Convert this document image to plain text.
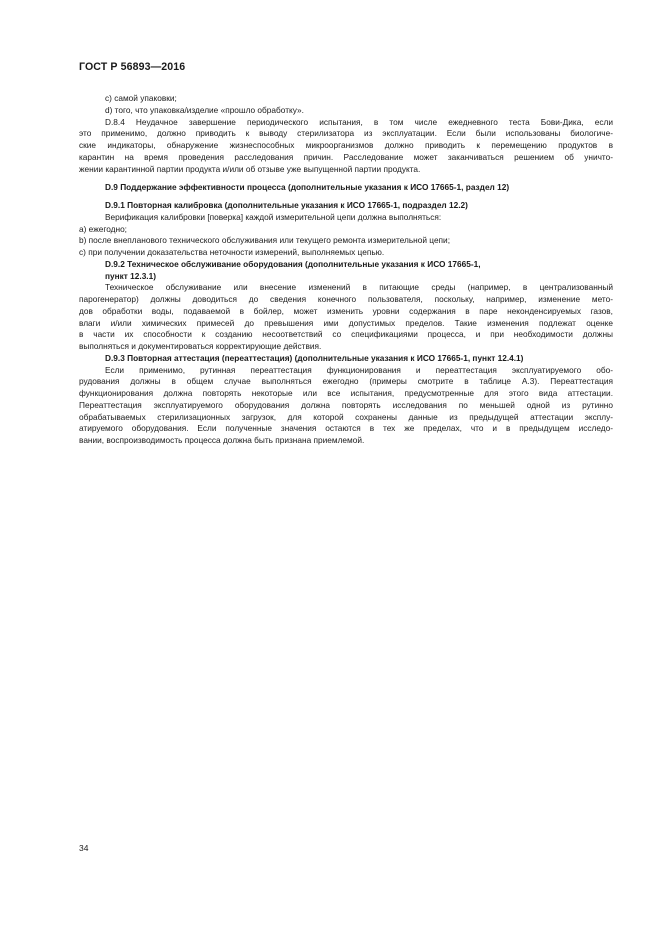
ГОСТ Р 56893—2016
c) самой упаковки;
d) того, что упаковка/изделие «прошло обработку».
D.8.4 Неудачное завершение периодического испытания, в том числе ежедневного теста Бови-Дика, если
это применимо, должно приводить к выводу стерилизатора из эксплуатации. Если были использованы биологиче-
ские индикаторы, обнаружение жизнеспособных микроорганизмов должно приводить к перемещению продуктов в
карантин на время проведения расследования причин. Расследование может заканчиваться решением об уничто-
жении карантинной партии продукта и/или об отзыве уже выпущенной партии продукта.
D.9 Поддержание эффективности процесса (дополнительные указания к ИСО 17665-1, раздел 12)
D.9.1 Повторная калибровка (дополнительные указания к ИСО 17665-1, подраздел 12.2)
Верификация калибровки [поверка] каждой измерительной цепи должна выполняться:
a) ежегодно;
b) после внепланового технического обслуживания или текущего ремонта измерительной цепи;
c) при получении доказательства неточности измерений, выполняемых цепью.
D.9.2 Техническое обслуживание оборудования (дополнительные указания к ИСО 17665-1,
пункт 12.3.1)
Техническое обслуживание или внесение изменений в питающие среды (например, в централизованный
парогенератор) должны доводиться до сведения конечного пользователя, поскольку, например, изменение мето-
дов обработки воды, подаваемой в бойлер, может изменить уровни содержания в паре неконденсируемых газов,
влаги и/или химических примесей до превышения ими допустимых пределов. Такие изменения подлежат оценке
в части их способности к созданию несоответствий со спецификациями процесса, и при необходимости должны
выполняться и документироваться корректирующие действия.
D.9.3 Повторная аттестация (переаттестация) (дополнительные указания к ИСО 17665-1, пункт 12.4.1)
Если применимо, рутинная переаттестация функционирования и переаттестация эксплуатируемого обо-
рудования должны в общем случае выполняться ежегодно (примеры смотрите в таблице А.3). Переаттестация
функционирования должна повторять некоторые или все испытания, предусмотренные для этого вида аттестации.
Переаттестация эксплуатируемого оборудования должна повторять исследования по меньшей одной из рутинно
обрабатываемых стерилизационных загрузок, для которой сохранены данные из предыдущей аттестации эксплу-
атируемого оборудования. Если полученные значения остаются в тех же пределах, что и в предыдущем исследо-
вании, воспроизводимость процесса должна быть признана приемлемой.
34
